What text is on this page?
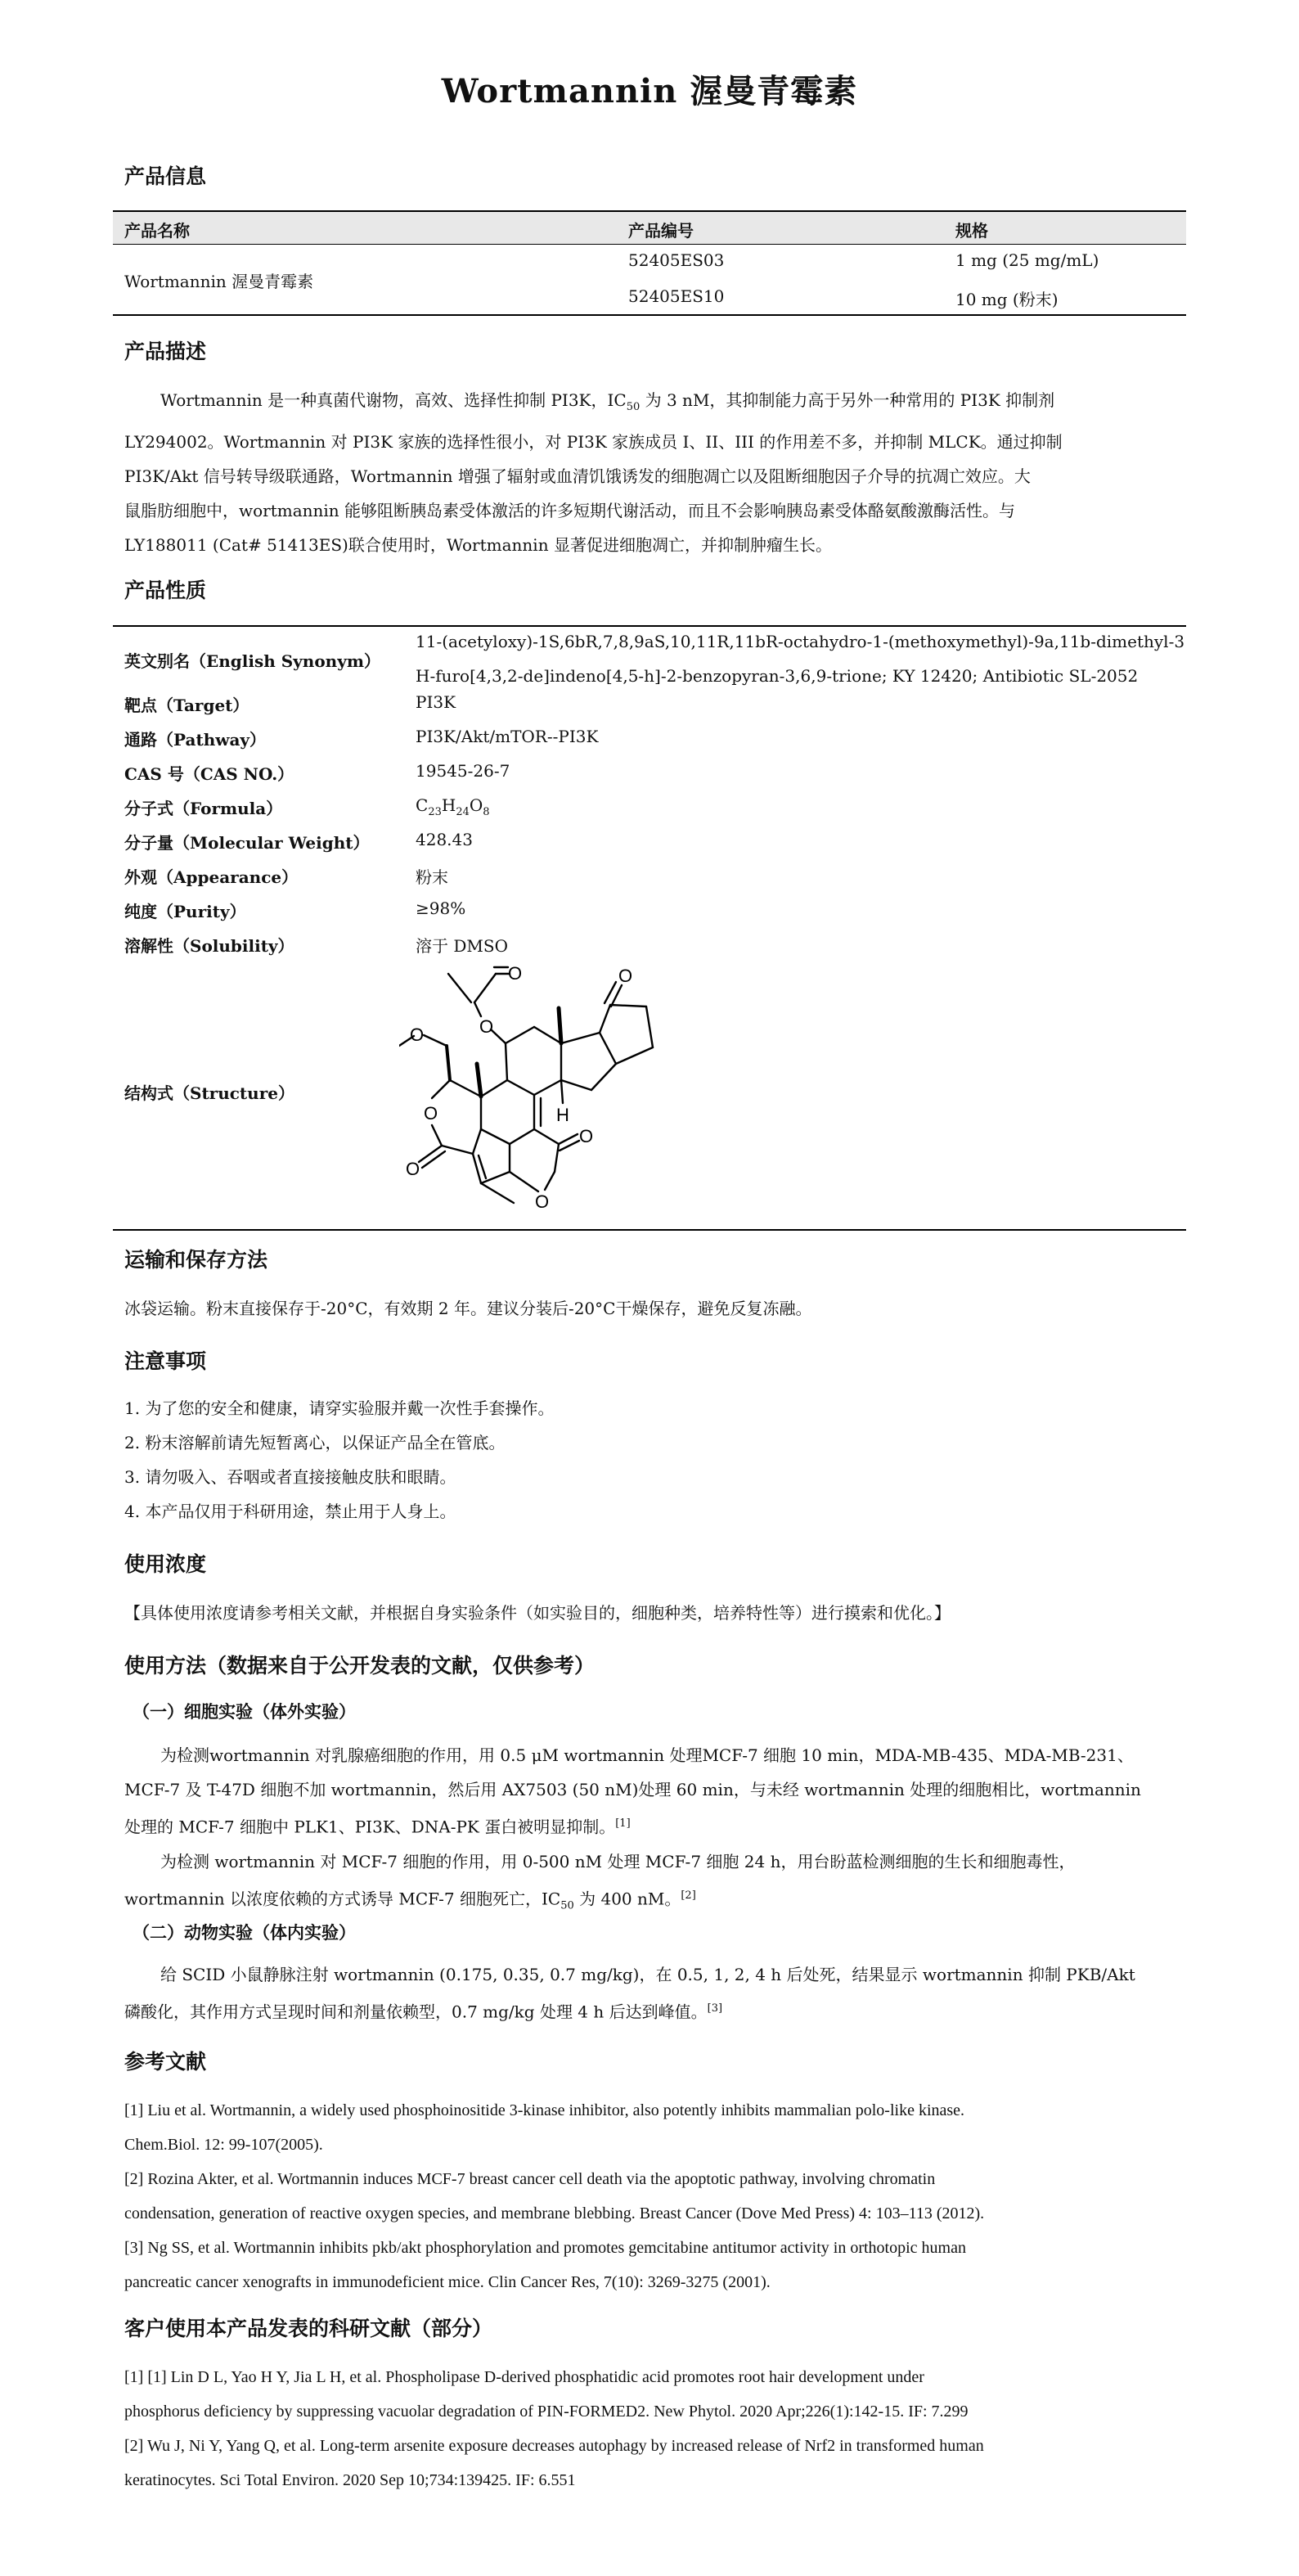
Wortmannin 渥曼青霉素
产品信息
产品名称	产品编号	规格
Wortmannin 渥曼青霉素
52405ES03	1 mg (25 mg/mL)
52405ES10	10 mg (粉末)
产品描述
Wortmannin 是一种真菌代谢物，高效、选择性抑制 PI3K，$IC_{50}$ 为 3 nM，其抑制能力高于另外一种常用的 PI3K 抑制剂
LY294002。Wortmannin 对 PI3K 家族的选择性很小，对 PI3K 家族成员 I、II、III 的作用差不多，并抑制 MLCK。通过抑制
PI3K/Akt 信号转导级联通路，Wortmannin 增强了辐射或血清饥饿诱发的细胞凋亡以及阻断细胞因子介导的抗凋亡效应。大
鼠脂肪细胞中，wortmannin 能够阻断胰岛素受体激活的许多短期代谢活动，而且不会影响胰岛素受体酪氨酸激酶活性。与
LY188011 (Cat# 51413ES)联合使用时，Wortmannin 显著促进细胞凋亡，并抑制肿瘤生长。
产品性质
英文别名（English Synonym）
11-(acetyloxy)-1S,6bR,7,8,9aS,10,11R,11bR-octahydro-1-(methoxymethyl)-9a,11b-dimethyl-3
H-furo[4,3,2-de]indeno[4,5-h]-2-benzopyran-3,6,9-trione; KY 12420; Antibiotic SL-2052
靶点（Target）	PI3K
通路（Pathway）	PI3K/Akt/mTOR--PI3K
CAS 号（CAS NO.）	19545-26-7
分子式（Formula）	$C_{23}H_{24}O_8$
分子量（Molecular Weight）	428.43
外观（Appearance）	粉末
纯度（Purity）	≥98%
溶解性（Solubility）	溶于 DMSO
结构式（Structure）
O
O
O
H
O
O
O
O
O
运输和保存方法
冰袋运输。粉末直接保存于-20°C，有效期 2 年。建议分装后-20°C干燥保存，避免反复冻融。
注意事项
1. 为了您的安全和健康，请穿实验服并戴一次性手套操作。
2. 粉末溶解前请先短暂离心，以保证产品全在管底。
3. 请勿吸入、吞咽或者直接接触皮肤和眼睛。
4. 本产品仅用于科研用途，禁止用于人身上。
使用浓度
【具体使用浓度请参考相关文献，并根据自身实验条件（如实验目的，细胞种类，培养特性等）进行摸索和优化。】
使用方法（数据来自于公开发表的文献，仅供参考）
（一）细胞实验（体外实验）
为检测wortmannin 对乳腺癌细胞的作用，用 0.5 μM wortmannin 处理MCF-7 细胞 10 min，MDA-MB-435、MDA-MB-231、
MCF-7 及 T-47D 细胞不加 wortmannin，然后用 AX7503 (50 nM)处理 60 min，与未经 wortmannin 处理的细胞相比，wortmannin
处理的 MCF-7 细胞中 PLK1、PI3K、DNA-PK 蛋白被明显抑制。[1]
为检测 wortmannin 对 MCF-7 细胞的作用，用 0-500 nM 处理 MCF-7 细胞 24 h，用台盼蓝检测细胞的生长和细胞毒性，
wortmannin 以浓度依赖的方式诱导 MCF-7 细胞死亡，$IC_{50}$ 为 400 nM。[2]
（二）动物实验（体内实验）
给 SCID 小鼠静脉注射 wortmannin (0.175, 0.35, 0.7 mg/kg)，在 0.5, 1, 2, 4 h 后处死，结果显示 wortmannin 抑制 PKB/Akt
磷酸化，其作用方式呈现时间和剂量依赖型，0.7 mg/kg 处理 4 h 后达到峰值。[3]
参考文献
[1] Liu et al. Wortmannin, a widely used phosphoinositide 3-kinase inhibitor, also potently inhibits mammalian polo-like kinase.
Chem.Biol. 12: 99-107(2005).
[2] Rozina Akter, et al. Wortmannin induces MCF-7 breast cancer cell death via the apoptotic pathway, involving chromatin
condensation, generation of reactive oxygen species, and membrane blebbing. Breast Cancer (Dove Med Press) 4: 103–113 (2012).
[3] Ng SS, et al. Wortmannin inhibits pkb/akt phosphorylation and promotes gemcitabine antitumor activity in orthotopic human
pancreatic cancer xenografts in immunodeficient mice. Clin Cancer Res, 7(10): 3269-3275 (2001).
客户使用本产品发表的科研文献（部分）
[1] [1] Lin D L, Yao H Y, Jia L H, et al. Phospholipase D-derived phosphatidic acid promotes root hair development under
phosphorus deficiency by suppressing vacuolar degradation of PIN-FORMED2. New Phytol. 2020 Apr;226(1):142-15. IF: 7.299
[2] Wu J, Ni Y, Yang Q, et al. Long-term arsenite exposure decreases autophagy by increased release of Nrf2 in transformed human
keratinocytes. Sci Total Environ. 2020 Sep 10;734:139425. IF: 6.551
